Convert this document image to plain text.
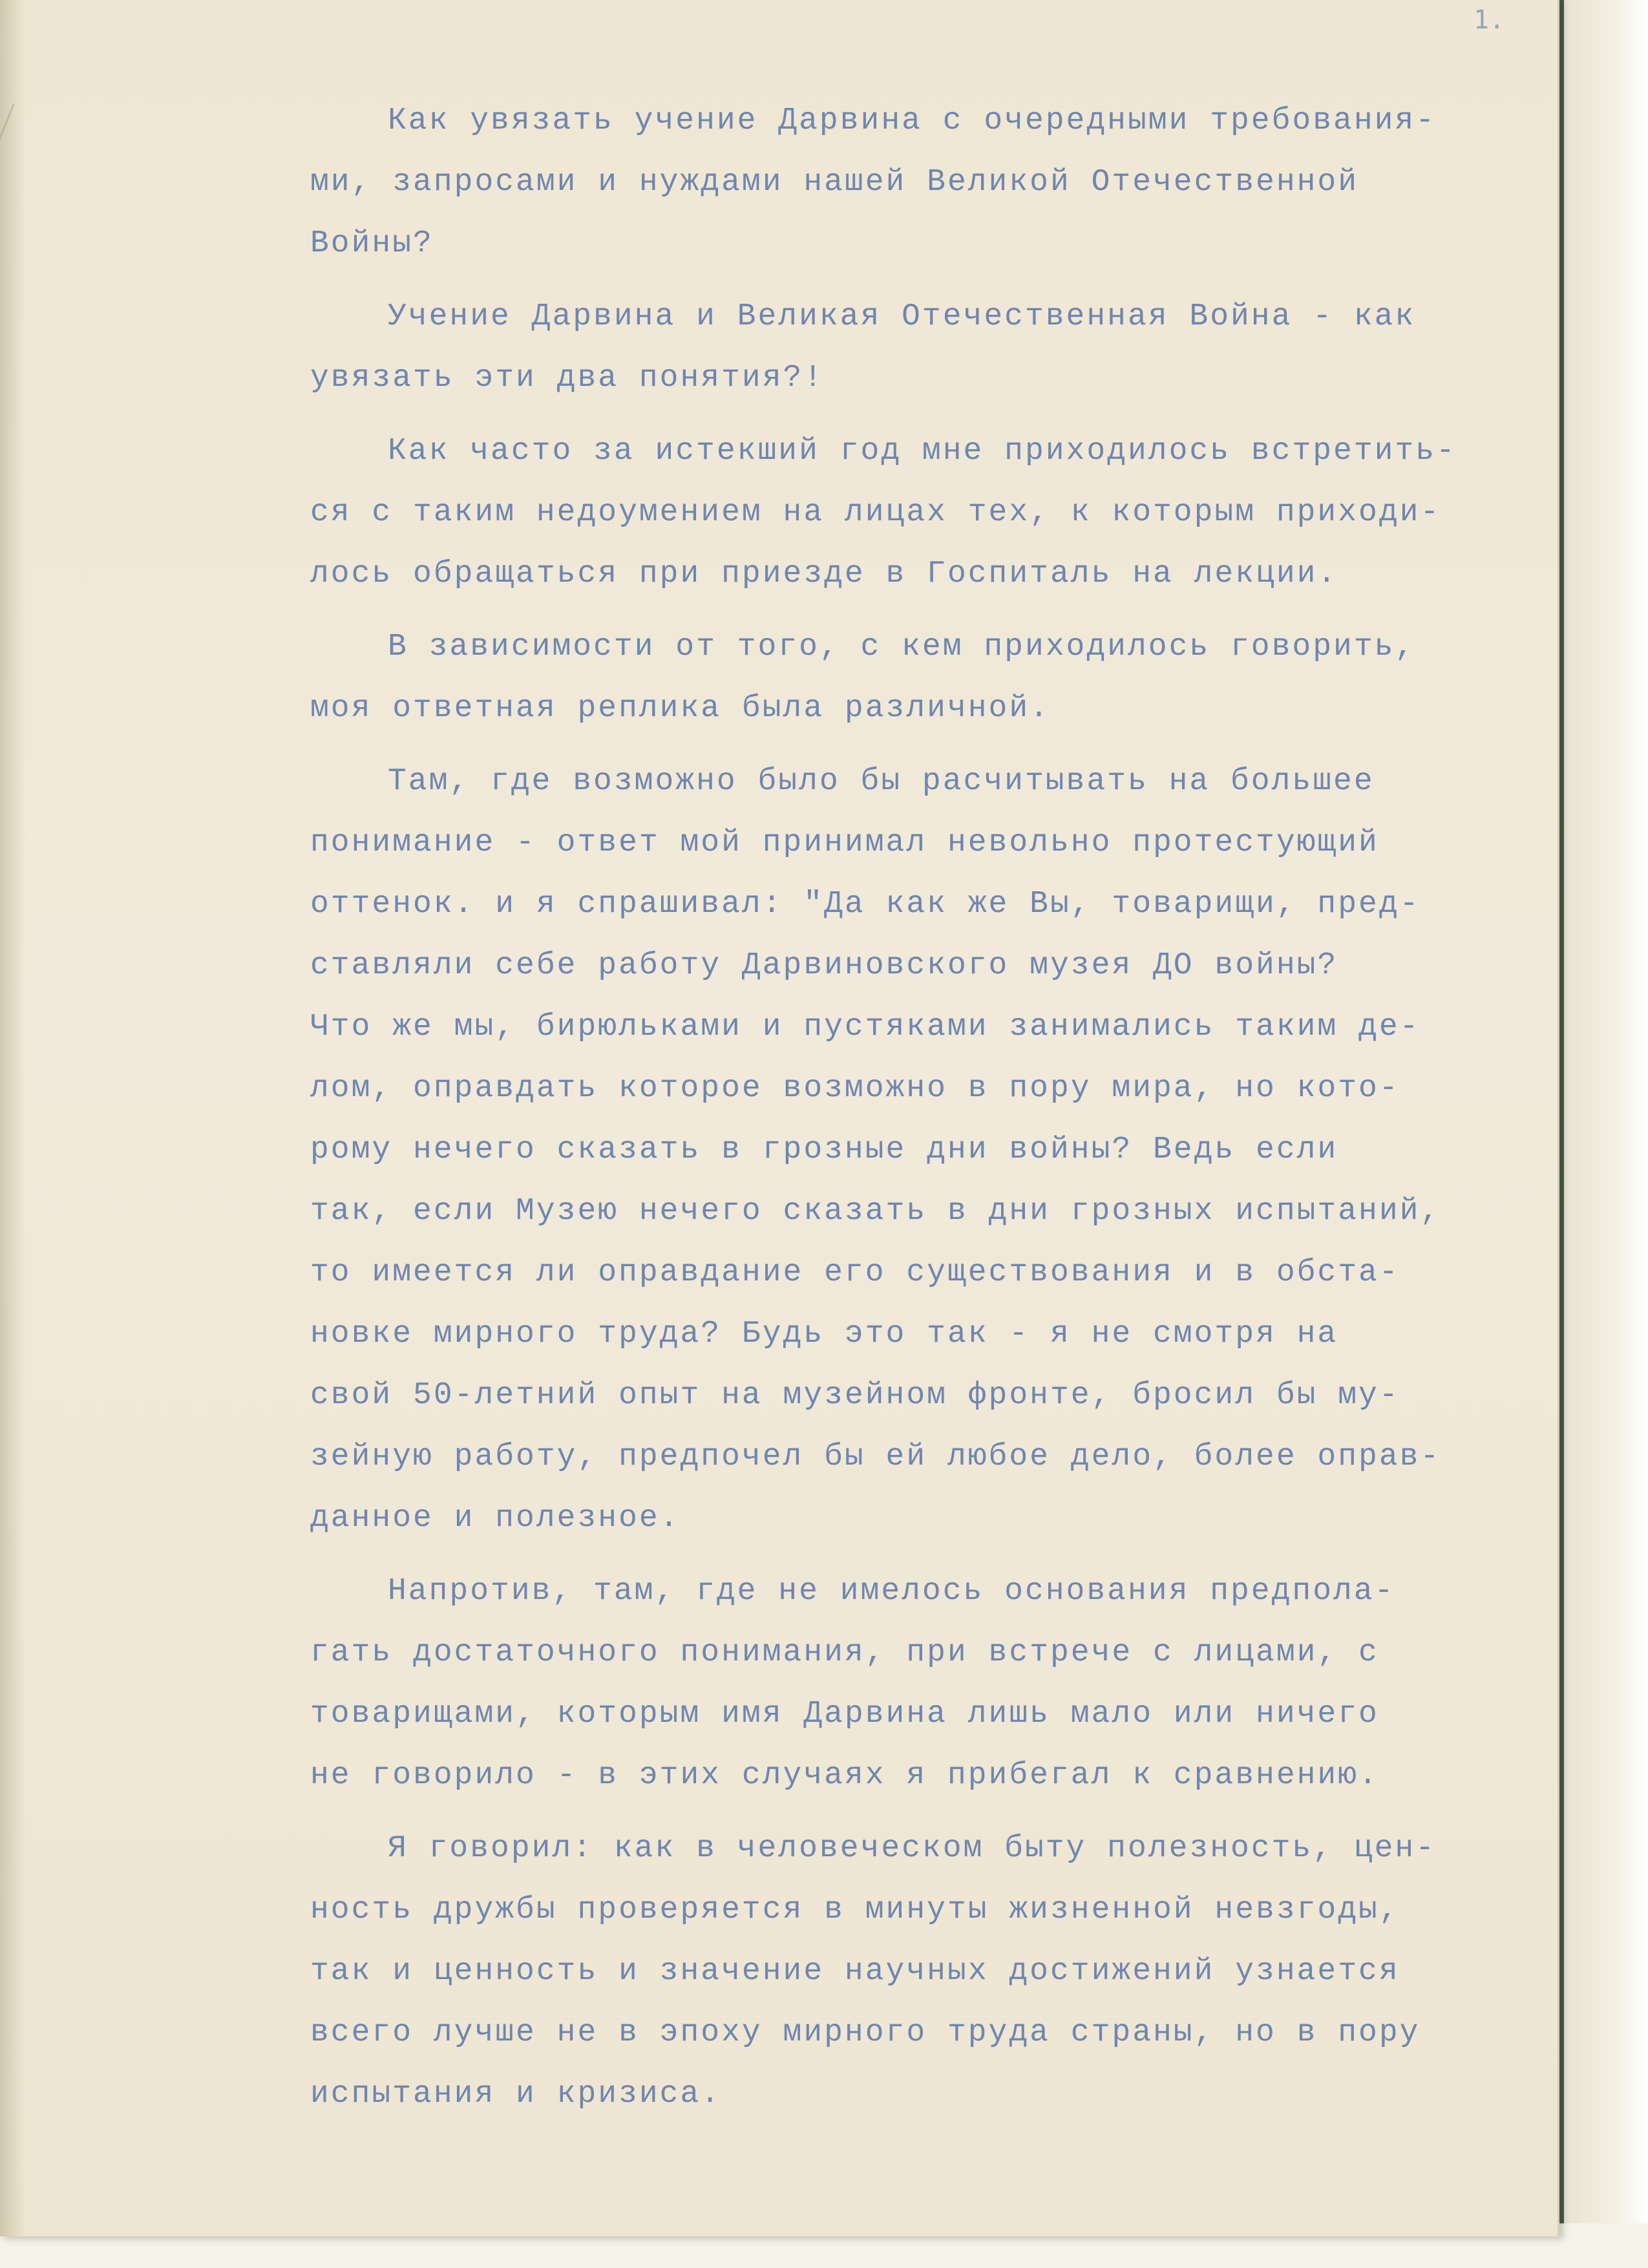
1.
Как увязать учение Дарвина с очередными требования-
ми, запросами и нуждами нашей Великой Отечественной
Войны?
Учение Дарвина и Великая Отечественная Война - как
увязать эти два понятия?!
Как часто за истекший год мне приходилось встретить-
ся с таким недоумением на лицах тех, к которым приходи-
лось обращаться при приезде в Госпиталь на лекции.
В зависимости от того, с кем приходилось говорить,
моя ответная реплика была различной.
Там, где возможно было бы расчитывать на большее
понимание - ответ мой принимал невольно протестующий
оттенок. и я спрашивал: "Да как же Вы, товарищи, пред-
ставляли себе работу Дарвиновского музея ДО войны?
Что же мы, бирюльками и пустяками занимались таким де-
лом, оправдать которое возможно в пору мира, но кото-
рому нечего сказать в грозные дни войны? Ведь если
так, если Музею нечего сказать в дни грозных испытаний,
то имеется ли оправдание его существования и в обста-
новке мирного труда? Будь это так - я не смотря на
свой 50-летний опыт на музейном фронте, бросил бы му-
зейную работу, предпочел бы ей любое дело, более оправ-
данное и полезное.
Напротив, там, где не имелось основания предпола-
гать достаточного понимания, при встрече с лицами, с
товарищами, которым имя Дарвина лишь мало или ничего
не говорило - в этих случаях я прибегал к сравнению.
Я говорил: как в человеческом быту полезность, цен-
ность дружбы проверяется в минуты жизненной невзгоды,
так и ценность и значение научных достижений узнается
всего лучше не в эпоху мирного труда страны, но в пору
испытания и кризиса.
